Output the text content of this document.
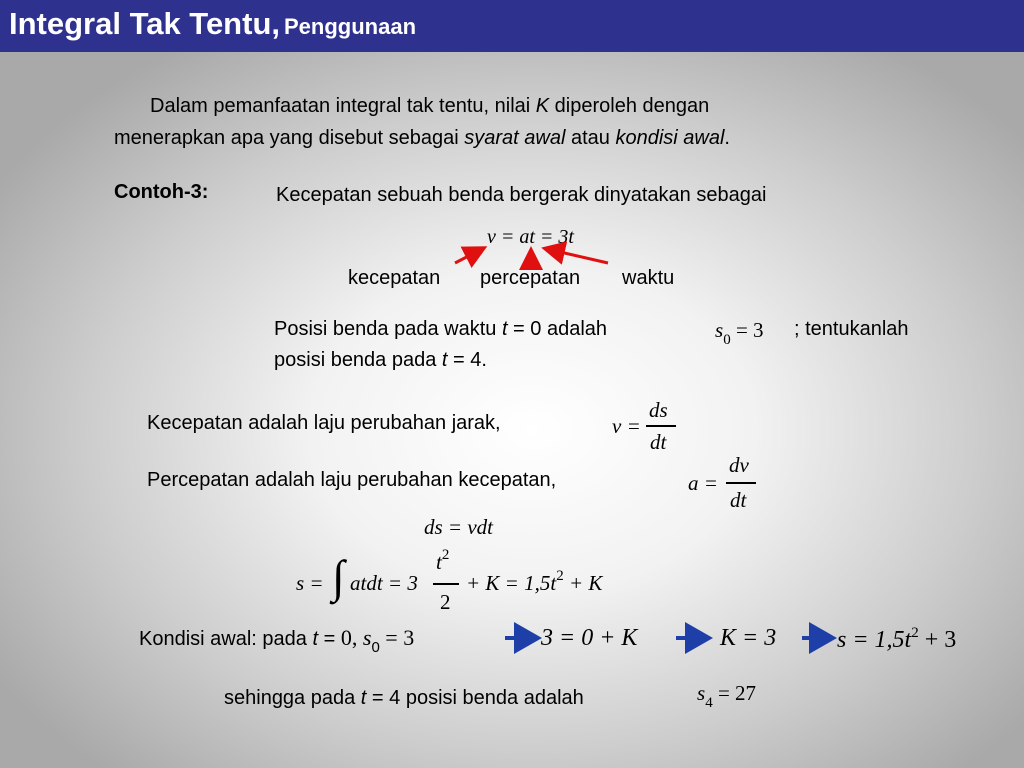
Integral Tak Tentu, Penggunaan
Dalam pemanfaatan integral tak tentu, nilai K diperoleh dengan
menerapkan apa yang disebut sebagai syarat awal atau kondisi awal.
Contoh-3:	Kecepatan sebuah benda bergerak dinyatakan sebagai
v = at = 3t
kecepatan percepatan waktu
Posisi benda pada waktu t = 0 adalah	$s_0 = 3$ ; tentukanlah
posisi benda pada t = 4.
Kecepatan adalah laju perubahan jarak,	v =
ds
dt
Percepatan adalah laju perubahan kecepatan,	a =
dv
dt
ds = vdt
s = ∫ atdt = 3
$t^2$
2
+ $K = 1,5t^2 + K$
Kondisi awal: pada t = 0, $s_0 = 3$	3 = 0 + K	K = 3	$s = 1,5t^2 + 3$
sehingga pada t = 4 posisi benda adalah	$s_4 = 27$
